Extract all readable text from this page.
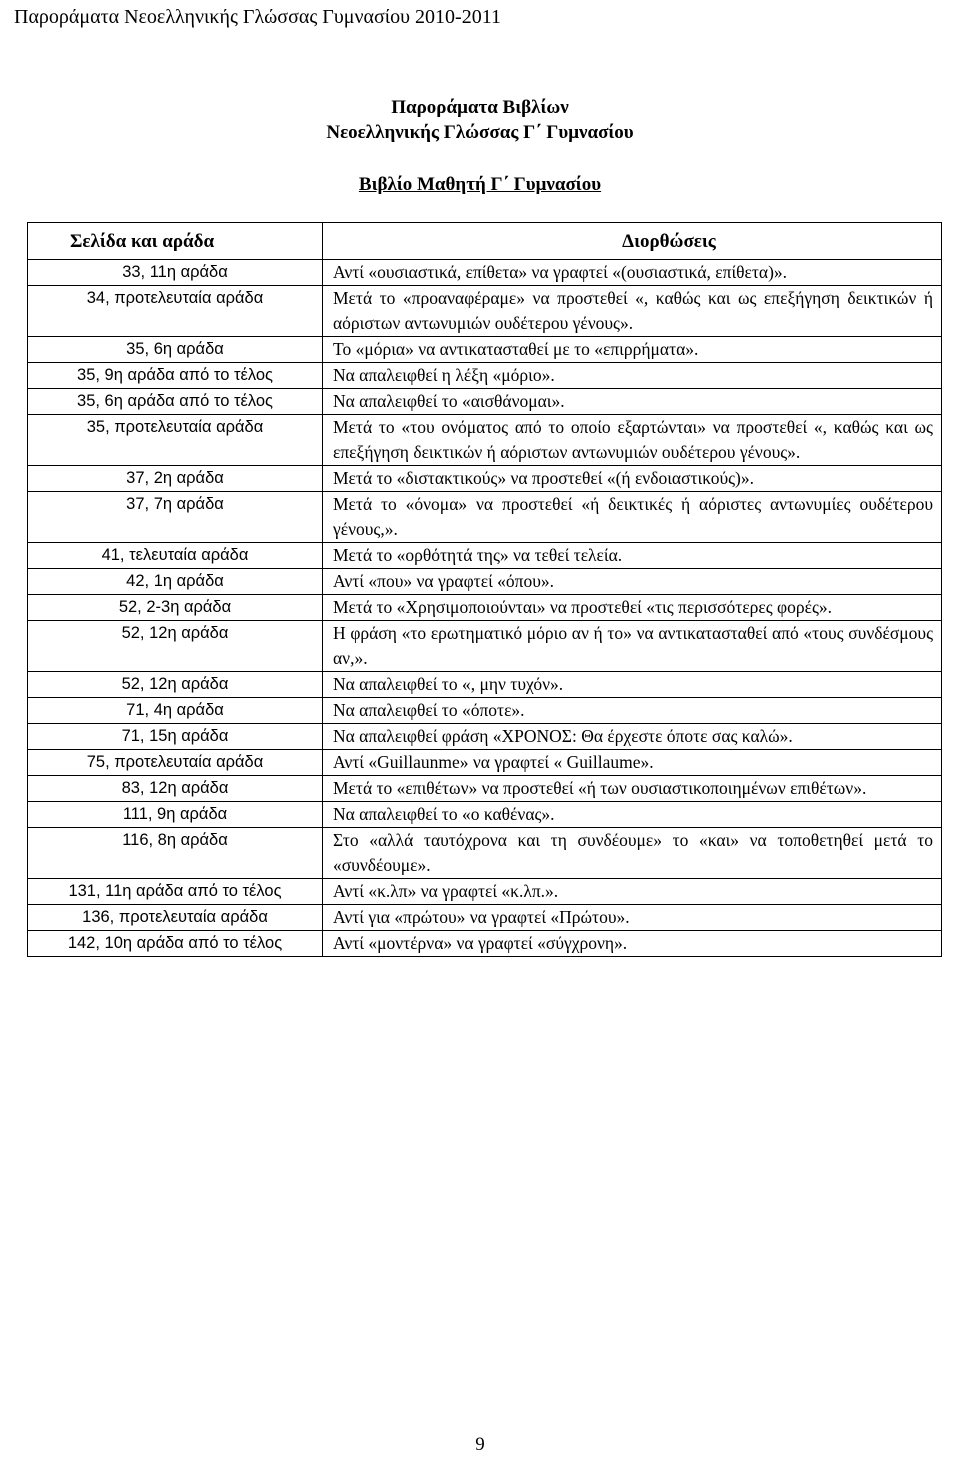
Παροράματα Νεοελληνικής Γλώσσας Γυμνασίου 2010-2011
Παροράματα Βιβλίων
Νεοελληνικής Γλώσσας Γ΄ Γυμνασίου
Βιβλίο Μαθητή Γ΄ Γυμνασίου
Σελίδα και αράδα	Διορθώσεις
33, 11η αράδα	Αντί «ουσιαστικά, επίθετα» να γραφτεί «(ουσιαστικά, επίθετα)».
34, προτελευταία αράδα	Μετά το «προαναφέραμε» να προστεθεί «, καθώς και ως επεξήγηση δεικτικών ή αόριστων αντωνυμιών ουδέτερου γένους».
35, 6η αράδα	Το «μόρια» να αντικατασταθεί με το «επιρρήματα».
35, 9η αράδα από το τέλος	Να απαλειφθεί η λέξη «μόριο».
35, 6η αράδα από το τέλος	Να απαλειφθεί το «αισθάνομαι».
35, προτελευταία αράδα	Μετά το «του ονόματος από το οποίο εξαρτώνται» να προστεθεί «, καθώς και ως επεξήγηση δεικτικών ή αόριστων αντωνυμιών ουδέτερου γένους».
37, 2η αράδα	Μετά το «διστακτικούς» να προστεθεί «(ή ενδοιαστικούς)».
37, 7η αράδα	Μετά το «όνομα» να προστεθεί «ή δεικτικές ή αόριστες αντωνυμίες ουδέτερου γένους,».
41, τελευταία αράδα	Μετά το «ορθότητά της» να τεθεί τελεία.
42, 1η αράδα	Αντί «που» να γραφτεί «όπου».
52, 2-3η αράδα	Μετά το «Χρησιμοποιούνται» να προστεθεί «τις περισσότερες φορές».
52, 12η αράδα	Η φράση «το ερωτηματικό μόριο αν ή το» να αντικατασταθεί από «τους συνδέσμους αν,».
52, 12η αράδα	Να απαλειφθεί το «, μην τυχόν».
71, 4η αράδα	Να απαλειφθεί το «όποτε».
71, 15η αράδα	Να απαλειφθεί φράση «ΧΡΟΝΟΣ: Θα έρχεστε όποτε σας καλώ».
75, προτελευταία αράδα	Αντί «Guillaunme» να γραφτεί « Guillaume».
83, 12η αράδα	Μετά το «επιθέτων» να προστεθεί «ή των ουσιαστικοποιημένων επιθέτων».
111, 9η αράδα	Να απαλειφθεί το «ο καθένας».
116, 8η αράδα	Στο «αλλά ταυτόχρονα και τη συνδέουμε» το «και» να τοποθετηθεί μετά το «συνδέουμε».
131, 11η αράδα από το τέλος	Αντί «κ.λπ» να γραφτεί «κ.λπ.».
136, προτελευταία αράδα	Αντί για «πρώτου» να γραφτεί «Πρώτου».
142, 10η αράδα από το τέλος	Αντί «μοντέρνα» να γραφτεί «σύγχρονη».
9
